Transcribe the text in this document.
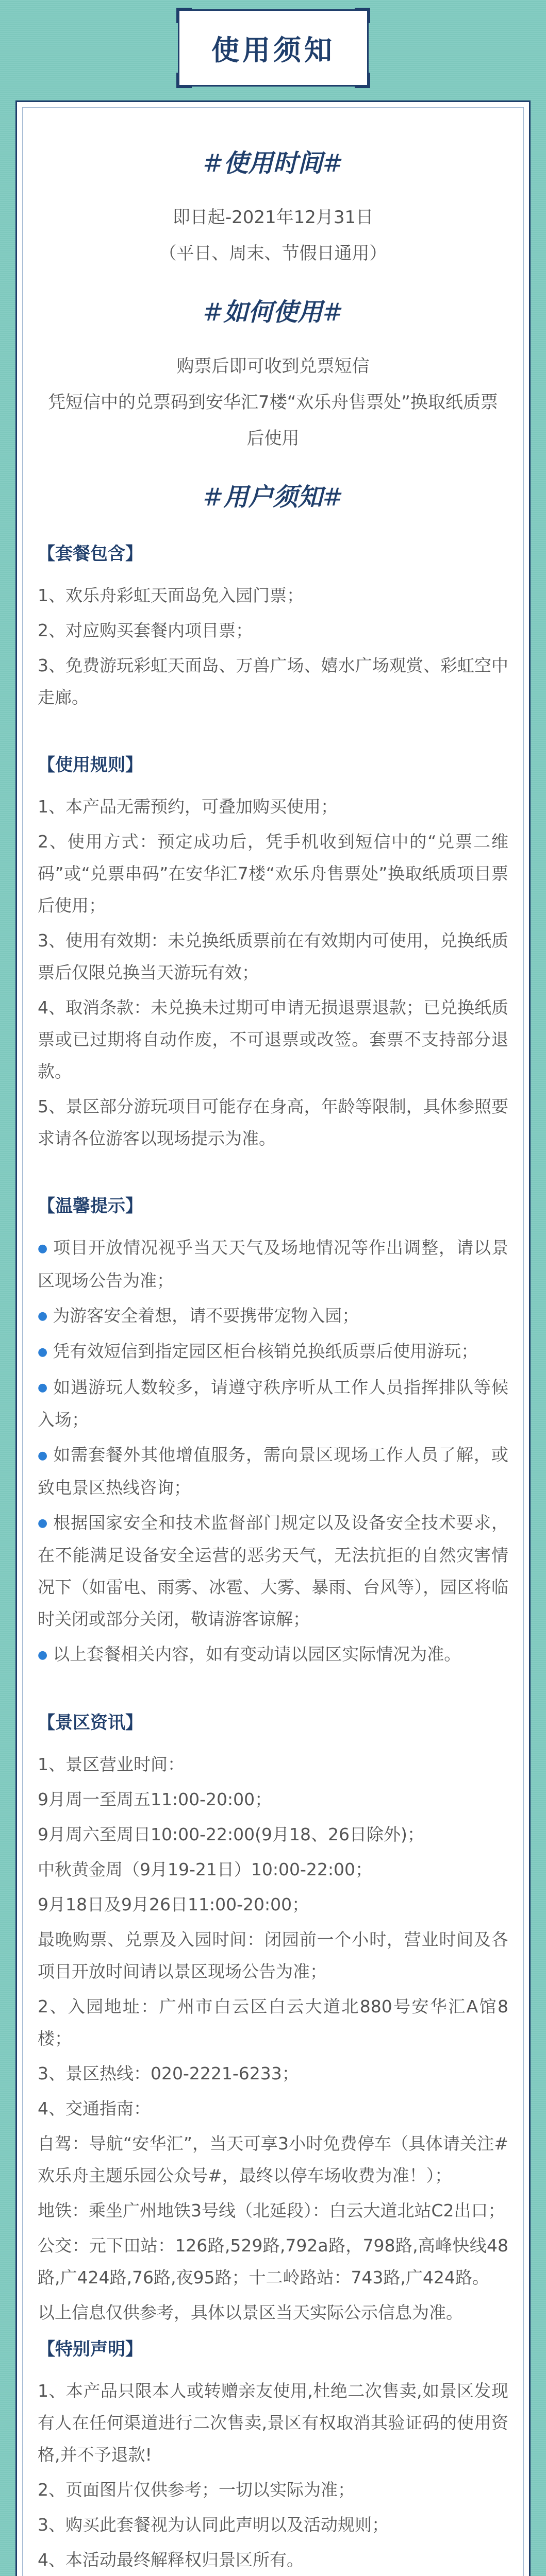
使用须知
#使用时间#
即日起-2021年12月31日
（平日、周末、节假日通用）
#如何使用#
购票后即可收到兑票短信
凭短信中的兑票码到安华汇7楼“欢乐舟售票处”换取纸质票
后使用
#用户须知#
【套餐包含】
1、欢乐舟彩虹天面岛免入园门票；
2、对应购买套餐内项目票；
3、免费游玩彩虹天面岛、万兽广场、嬉水广场观赏、彩虹空中走廊。
【使用规则】
1、本产品无需预约，可叠加购买使用；
2、使用方式：预定成功后，凭手机收到短信中的“兑票二维码”或“兑票串码”在安华汇7楼“欢乐舟售票处”换取纸质项目票后使用；
3、使用有效期：未兑换纸质票前在有效期内可使用，兑换纸质票后仅限兑换当天游玩有效；
4、取消条款：未兑换未过期可申请无损退票退款；已兑换纸质票或已过期将自动作废，不可退票或改签。套票不支持部分退款。
5、景区部分游玩项目可能存在身高，年龄等限制，具体参照要求请各位游客以现场提示为准。
【温馨提示】
● 项目开放情况视乎当天天气及场地情况等作出调整，请以景区现场公告为准；
● 为游客安全着想，请不要携带宠物入园；
● 凭有效短信到指定园区柜台核销兑换纸质票后使用游玩；
● 如遇游玩人数较多，请遵守秩序听从工作人员指挥排队等候入场；
● 如需套餐外其他增值服务，需向景区现场工作人员了解，或致电景区热线咨询；
● 根据国家安全和技术监督部门规定以及设备安全技术要求，在不能满足设备安全运营的恶劣天气，无法抗拒的自然灾害情况下（如雷电、雨雾、冰雹、大雾、暴雨、台风等），园区将临时关闭或部分关闭，敬请游客谅解；
● 以上套餐相关内容，如有变动请以园区实际情况为准。
【景区资讯】
1、景区营业时间：
9月周一至周五11:00-20:00；
9月周六至周日10:00-22:00(9月18、26日除外)；
中秋黄金周（9月19-21日）10:00-22:00；
9月18日及9月26日11:00-20:00；
最晚购票、兑票及入园时间：闭园前一个小时，营业时间及各项目开放时间请以景区现场公告为准；
2、入园地址：广州市白云区白云大道北880号安华汇A馆8楼；
3、景区热线：020-2221-6233；
4、交通指南：
自驾：导航“安华汇”，当天可享3小时免费停车（具体请关注#欢乐舟主题乐园公众号#，最终以停车场收费为准！）；
地铁：乘坐广州地铁3号线（北延段）：白云大道北站C2出口；
公交：元下田站：126路,529路,792a路，798路,高峰快线48路,广424路,76路,夜95路；十二岭路站：743路,广424路。
以上信息仅供参考，具体以景区当天实际公示信息为准。
【特别声明】
1、本产品只限本人或转赠亲友使用,杜绝二次售卖,如景区发现有人在任何渠道进行二次售卖,景区有权取消其验证码的使用资格,并不予退款!
2、页面图片仅供参考；一切以实际为准；
3、购买此套餐视为认同此声明以及活动规则；
4、本活动最终解释权归景区所有。
